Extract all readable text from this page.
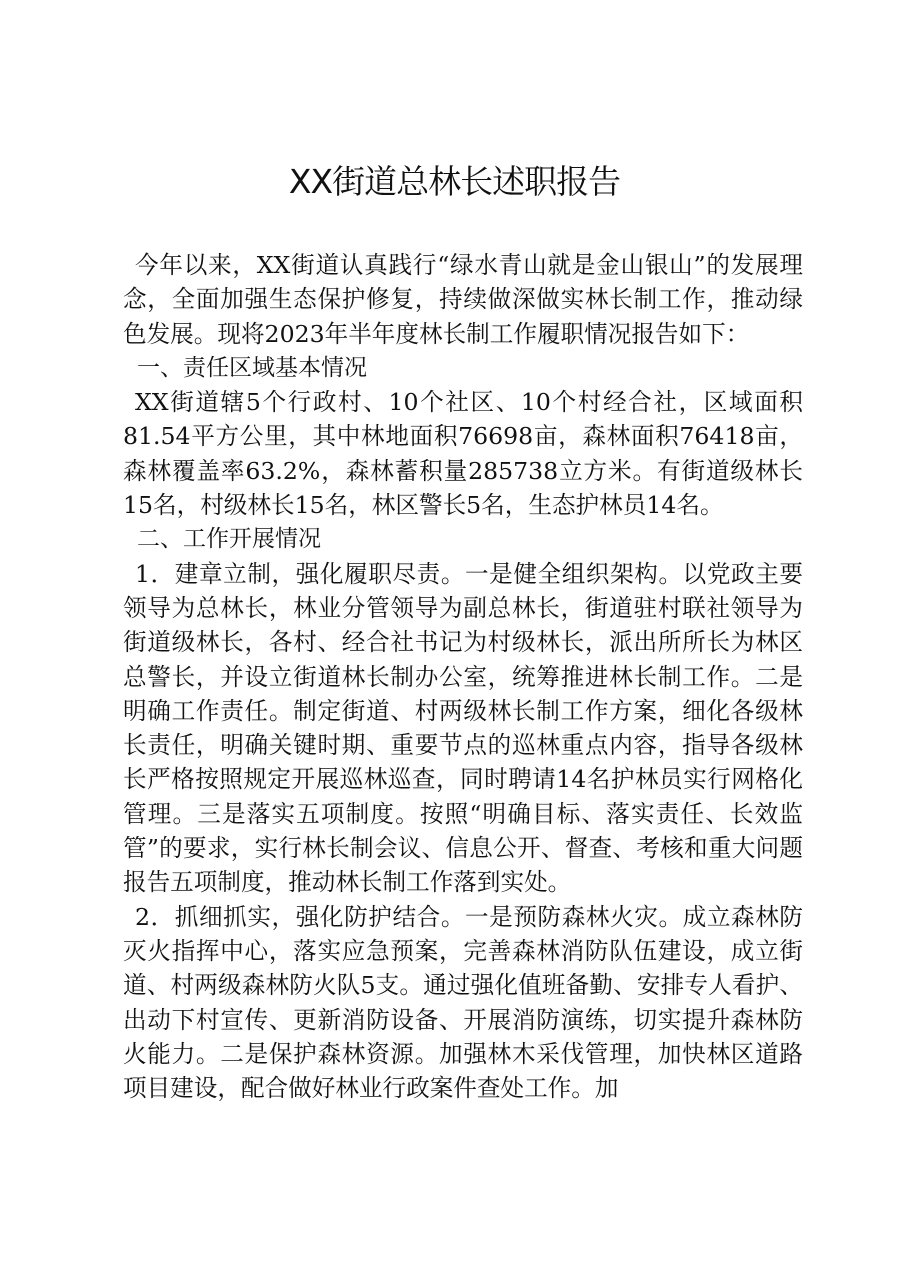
XX街道总林长述职报告

今年以来，XX街道认真践行“绿水青山就是金山银山”的发展理念，全面加强生态保护修复，持续做深做实林长制工作，推动绿色发展。现将2023年半年度林长制工作履职情况报告如下：

一、责任区域基本情况

XX街道辖5个行政村、10个社区、10个村经合社，区域面积81.54平方公里，其中林地面积76698亩，森林面积76418亩，森林覆盖率63.2%，森林蓄积量285738立方米。有街道级林长15名，村级林长15名，林区警长5名，生态护林员14名。

二、工作开展情况

1．建章立制，强化履职尽责。一是健全组织架构。以党政主要领导为总林长，林业分管领导为副总林长，街道驻村联社领导为街道级林长，各村、经合社书记为村级林长，派出所所长为林区总警长，并设立街道林长制办公室，统筹推进林长制工作。二是明确工作责任。制定街道、村两级林长制工作方案，细化各级林长责任，明确关键时期、重要节点的巡林重点内容，指导各级林长严格按照规定开展巡林巡查，同时聘请14名护林员实行网格化管理。三是落实五项制度。按照“明确目标、落实责任、长效监管”的要求，实行林长制会议、信息公开、督查、考核和重大问题报告五项制度，推动林长制工作落到实处。

2．抓细抓实，强化防护结合。一是预防森林火灾。成立森林防灭火指挥中心，落实应急预案，完善森林消防队伍建设，成立街道、村两级森林防火队5支。通过强化值班备勤、安排专人看护、出动下村宣传、更新消防设备、开展消防演练，切实提升森林防火能力。二是保护森林资源。加强林木采伐管理，加快林区道路项目建设，配合做好林业行政案件查处工作。加
